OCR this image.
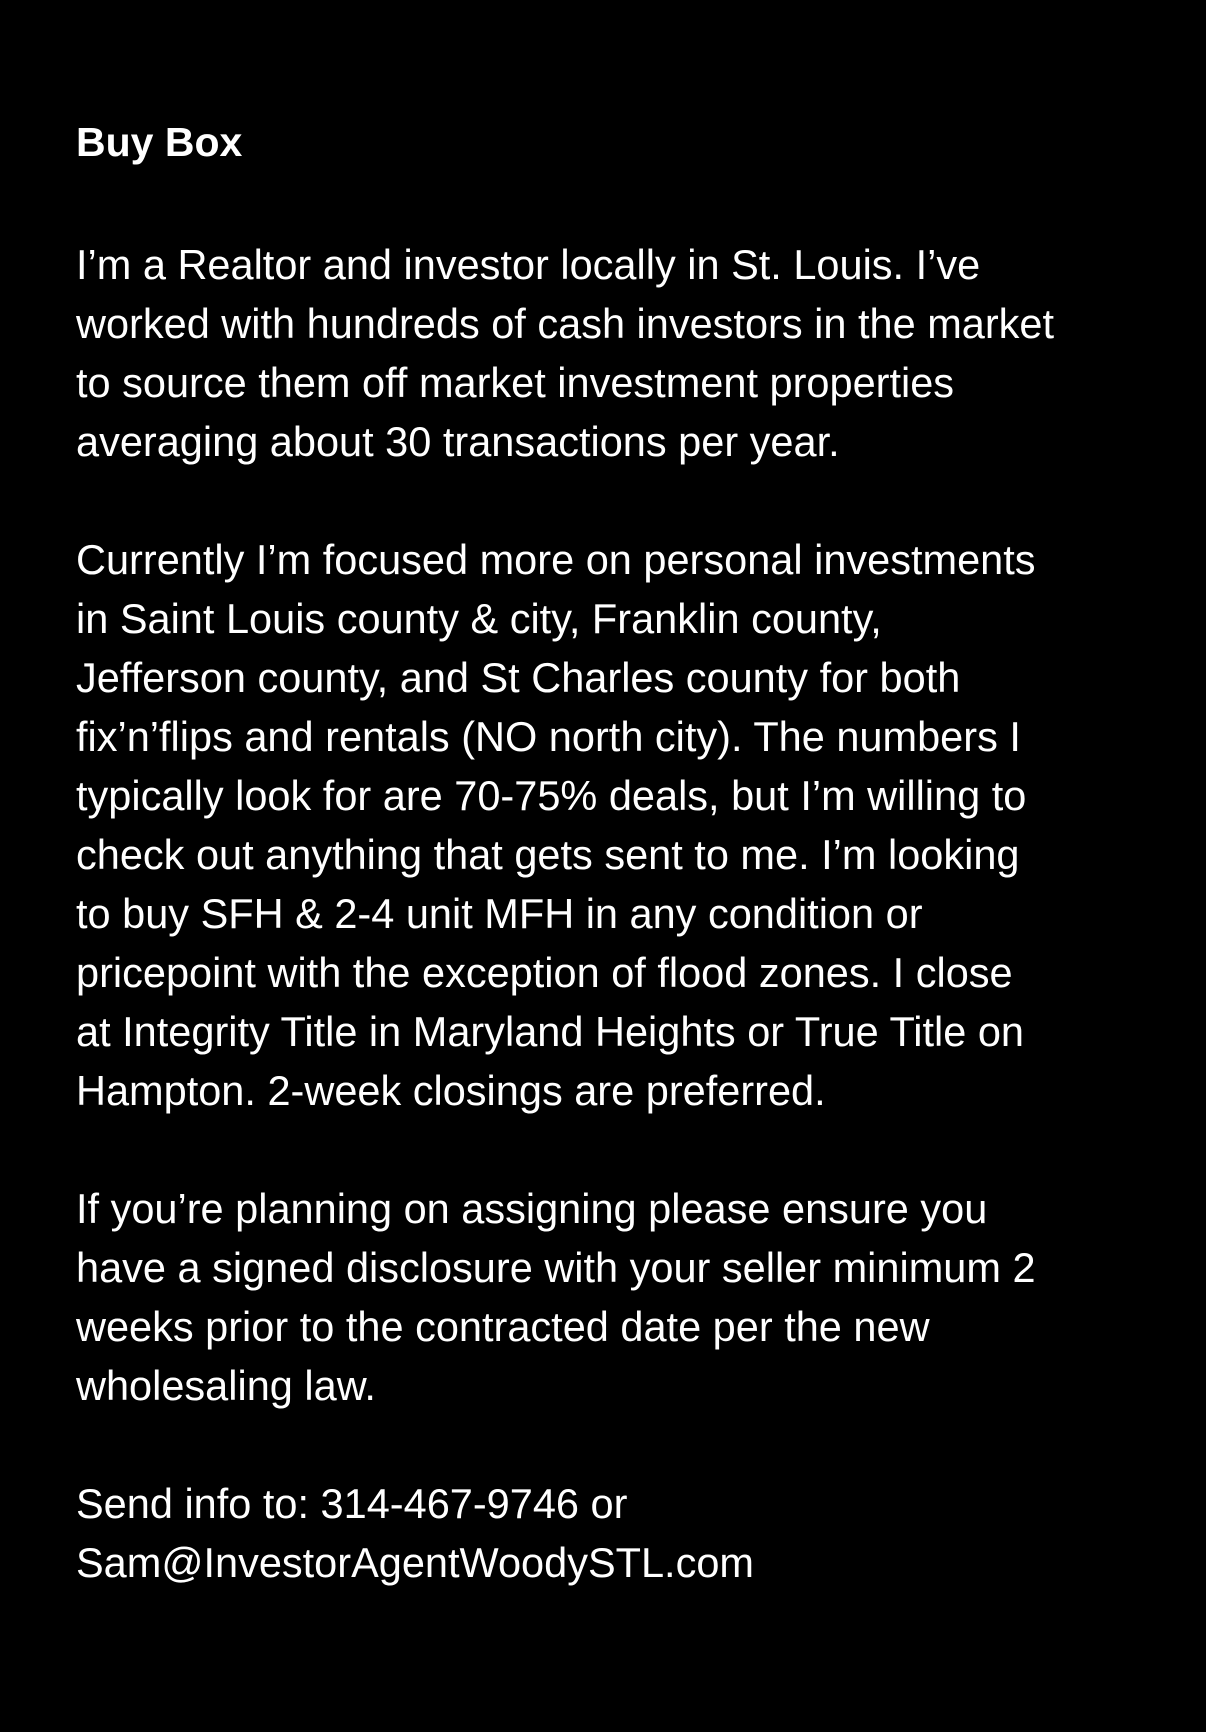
Buy Box
I’m a Realtor and investor locally in St. Louis. I’ve
worked with hundreds of cash investors in the market
to source them off market investment properties
averaging about 30 transactions per year.
Currently I’m focused more on personal investments
in Saint Louis county & city, Franklin county,
Jefferson county, and St Charles county for both
fix’n’flips and rentals (NO north city). The numbers I
typically look for are 70-75% deals, but I’m willing to
check out anything that gets sent to me. I’m looking
to buy SFH & 2-4 unit MFH in any condition or
pricepoint with the exception of flood zones. I close
at Integrity Title in Maryland Heights or True Title on
Hampton. 2-week closings are preferred.
If you’re planning on assigning please ensure you
have a signed disclosure with your seller minimum 2
weeks prior to the contracted date per the new
wholesaling law.
Send info to: 314-467-9746 or
Sam@InvestorAgentWoodySTL.com
